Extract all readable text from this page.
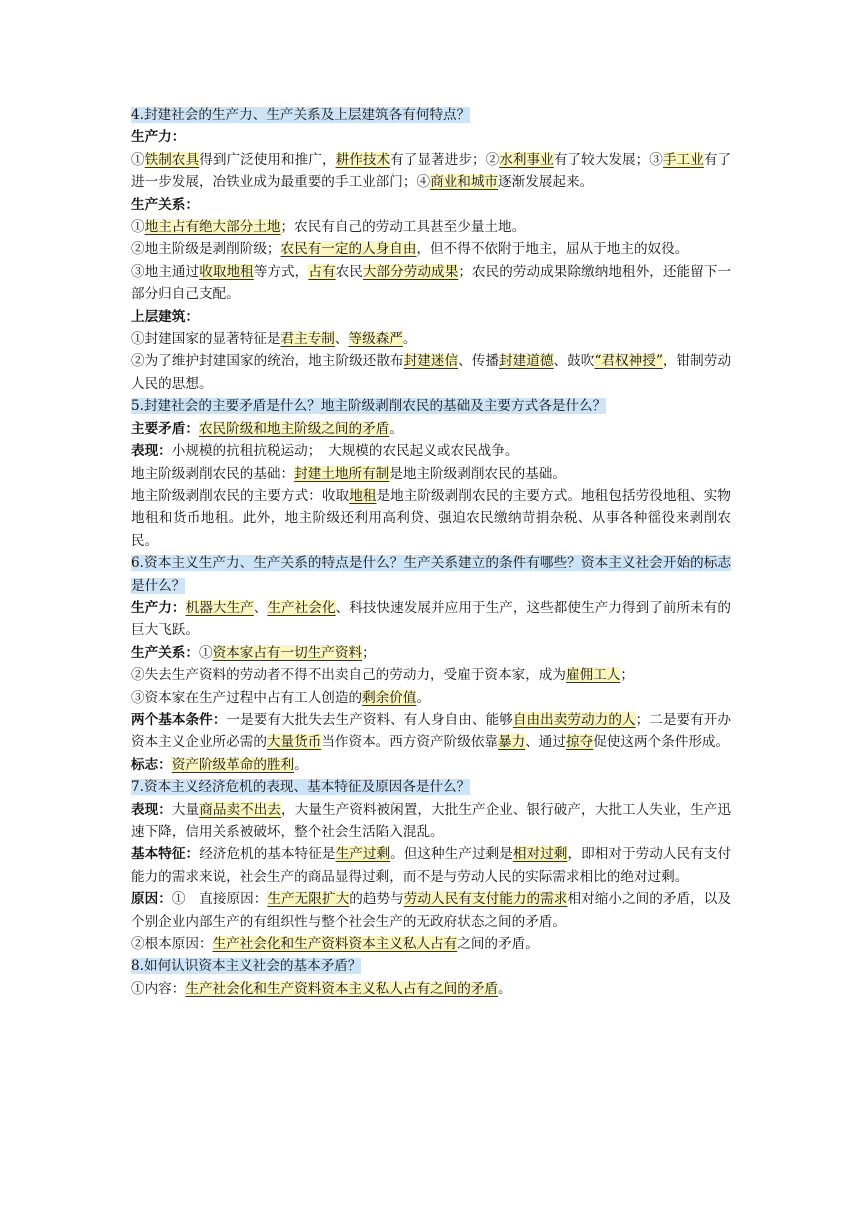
4.封建社会的生产力、生产关系及上层建筑各有何特点？

生产力：

①铁制农具得到广泛使用和推广，耕作技术有了显著进步；②水利事业有了较大发展；③手工业有了进一步发展，冶铁业成为最重要的手工业部门；④商业和城市逐渐发展起来。

生产关系：

①地主占有绝大部分土地；农民有自己的劳动工具甚至少量土地。

②地主阶级是剥削阶级；农民有一定的人身自由，但不得不依附于地主，屈从于地主的奴役。

③地主通过收取地租等方式，占有农民大部分劳动成果；农民的劳动成果除缴纳地租外，还能留下一部分归自己支配。

上层建筑：

①封建国家的显著特征是君主专制、等级森严。

②为了维护封建国家的统治，地主阶级还散布封建迷信、传播封建道德、鼓吹“君权神授”，钳制劳动人民的思想。

5.封建社会的主要矛盾是什么？地主阶级剥削农民的基础及主要方式各是什么？

主要矛盾：农民阶级和地主阶级之间的矛盾。

表现：小规模的抗租抗税运动；　大规模的农民起义或农民战争。

地主阶级剥削农民的基础：封建土地所有制是地主阶级剥削农民的基础。

地主阶级剥削农民的主要方式：收取地租是地主阶级剥削农民的主要方式。地租包括劳役地租、实物地租和货币地租。此外，地主阶级还利用高利贷、强迫农民缴纳苛捐杂税、从事各种徭役来剥削农民。

6.资本主义生产力、生产关系的特点是什么？生产关系建立的条件有哪些？资本主义社会开始的标志是什么？

生产力：机器大生产、生产社会化、科技快速发展并应用于生产，这些都使生产力得到了前所未有的巨大飞跃。

生产关系：①资本家占有一切生产资料；

②失去生产资料的劳动者不得不出卖自己的劳动力，受雇于资本家，成为雇佣工人；

③资本家在生产过程中占有工人创造的剩余价值。

两个基本条件：一是要有大批失去生产资料、有人身自由、能够自由出卖劳动力的人；二是要有开办资本主义企业所必需的大量货币当作资本。西方资产阶级依靠暴力、通过掠夺促使这两个条件形成。

标志：资产阶级革命的胜利。

7.资本主义经济危机的表现、基本特征及原因各是什么？

表现：大量商品卖不出去，大量生产资料被闲置，大批生产企业、银行破产，大批工人失业，生产迅速下降，信用关系被破坏，整个社会生活陷入混乱。

基本特征：经济危机的基本特征是生产过剩。但这种生产过剩是相对过剩，即相对于劳动人民有支付能力的需求来说，社会生产的商品显得过剩，而不是与劳动人民的实际需求相比的绝对过剩。

原因：①　直接原因：生产无限扩大的趋势与劳动人民有支付能力的需求相对缩小之间的矛盾，以及个别企业内部生产的有组织性与整个社会生产的无政府状态之间的矛盾。

②根本原因：生产社会化和生产资料资本主义私人占有之间的矛盾。

8.如何认识资本主义社会的基本矛盾？

①内容：生产社会化和生产资料资本主义私人占有之间的矛盾。
